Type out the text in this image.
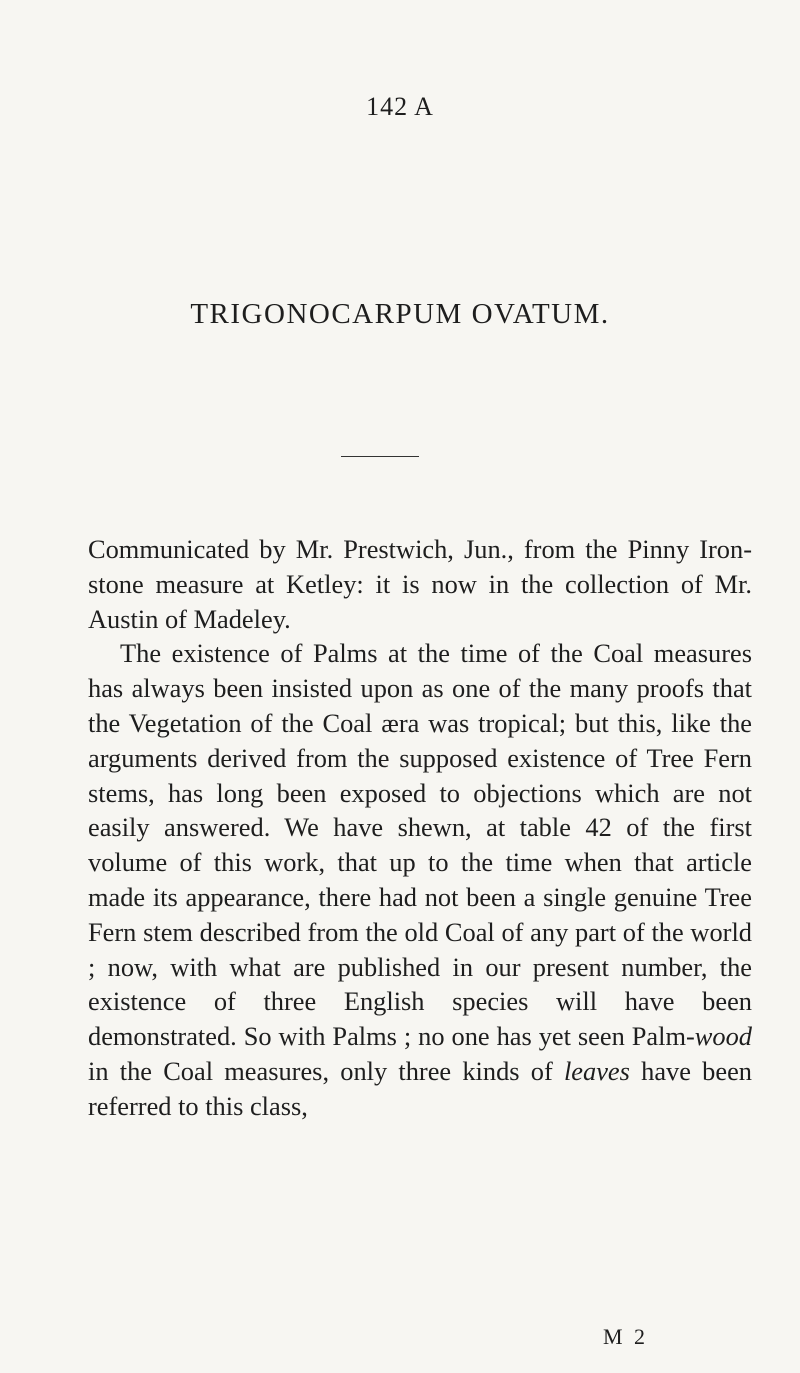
142 A
TRIGONOCARPUM OVATUM.

Communicated by Mr. Prestwich, Jun., from the Pinny Iron-stone measure at Ketley: it is now in the collection of Mr. Austin of Madeley.

The existence of Palms at the time of the Coal measures has always been insisted upon as one of the many proofs that the Vegetation of the Coal æra was tropical; but this, like the arguments derived from the supposed existence of Tree Fern stems, has long been exposed to objections which are not easily answered. We have shewn, at table 42 of the first volume of this work, that up to the time when that article made its appearance, there had not been a single genuine Tree Fern stem described from the old Coal of any part of the world ; now, with what are published in our present number, the existence of three English species will have been demonstrated. So with Palms ; no one has yet seen Palm-wood in the Coal measures, only three kinds of leaves have been referred to this class,

M 2
